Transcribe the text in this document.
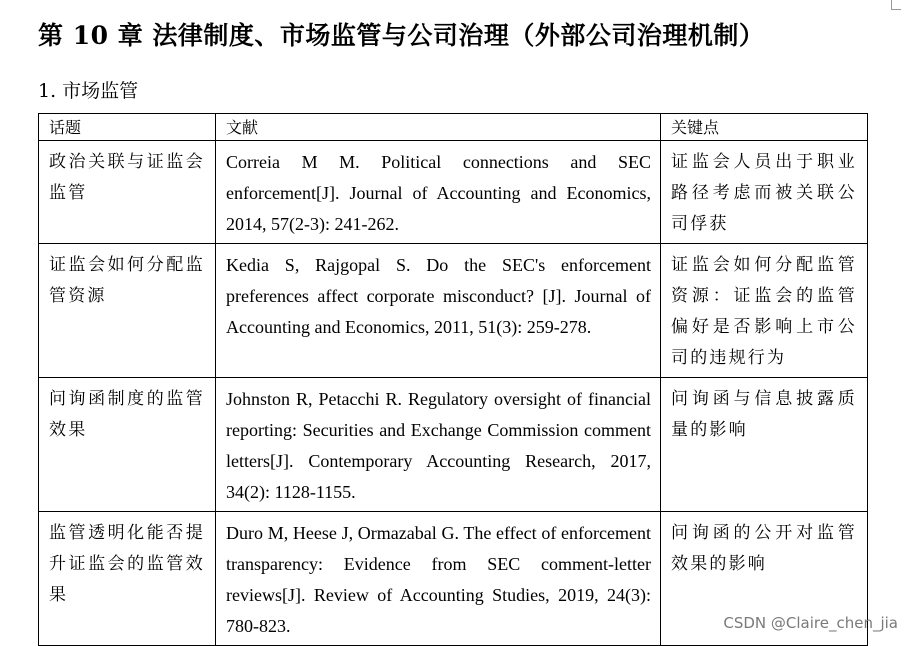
第 10 章 法律制度、市场监管与公司治理（外部公司治理机制）
1. 市场监管
话题	文献	关键点
政治关联与证监会监管	Correia M M. Political connections and SEC enforcement[J]. Journal of Accounting and Economics, 2014, 57(2-3): 241-262.	证监会人员出于职业路径考虑而被关联公司俘获
证监会如何分配监管资源	Kedia S, Rajgopal S. Do the SEC's enforcement preferences affect corporate misconduct? [J]. Journal of Accounting and Economics, 2011, 51(3): 259-278.	证监会如何分配监管资源：证监会的监管偏好是否影响上市公司的违规行为
问询函制度的监管效果	Johnston R, Petacchi R. Regulatory oversight of financial reporting: Securities and Exchange Commission comment letters[J]. Contemporary Accounting Research, 2017, 34(2): 1128-1155.	问询函与信息披露质量的影响
监管透明化能否提升证监会的监管效果	Duro M, Heese J, Ormazabal G. The effect of enforcement transparency: Evidence from SEC comment-letter reviews[J]. Review of Accounting Studies, 2019, 24(3): 780-823.	问询函的公开对监管效果的影响
CSDN @Claire_chen_jia
